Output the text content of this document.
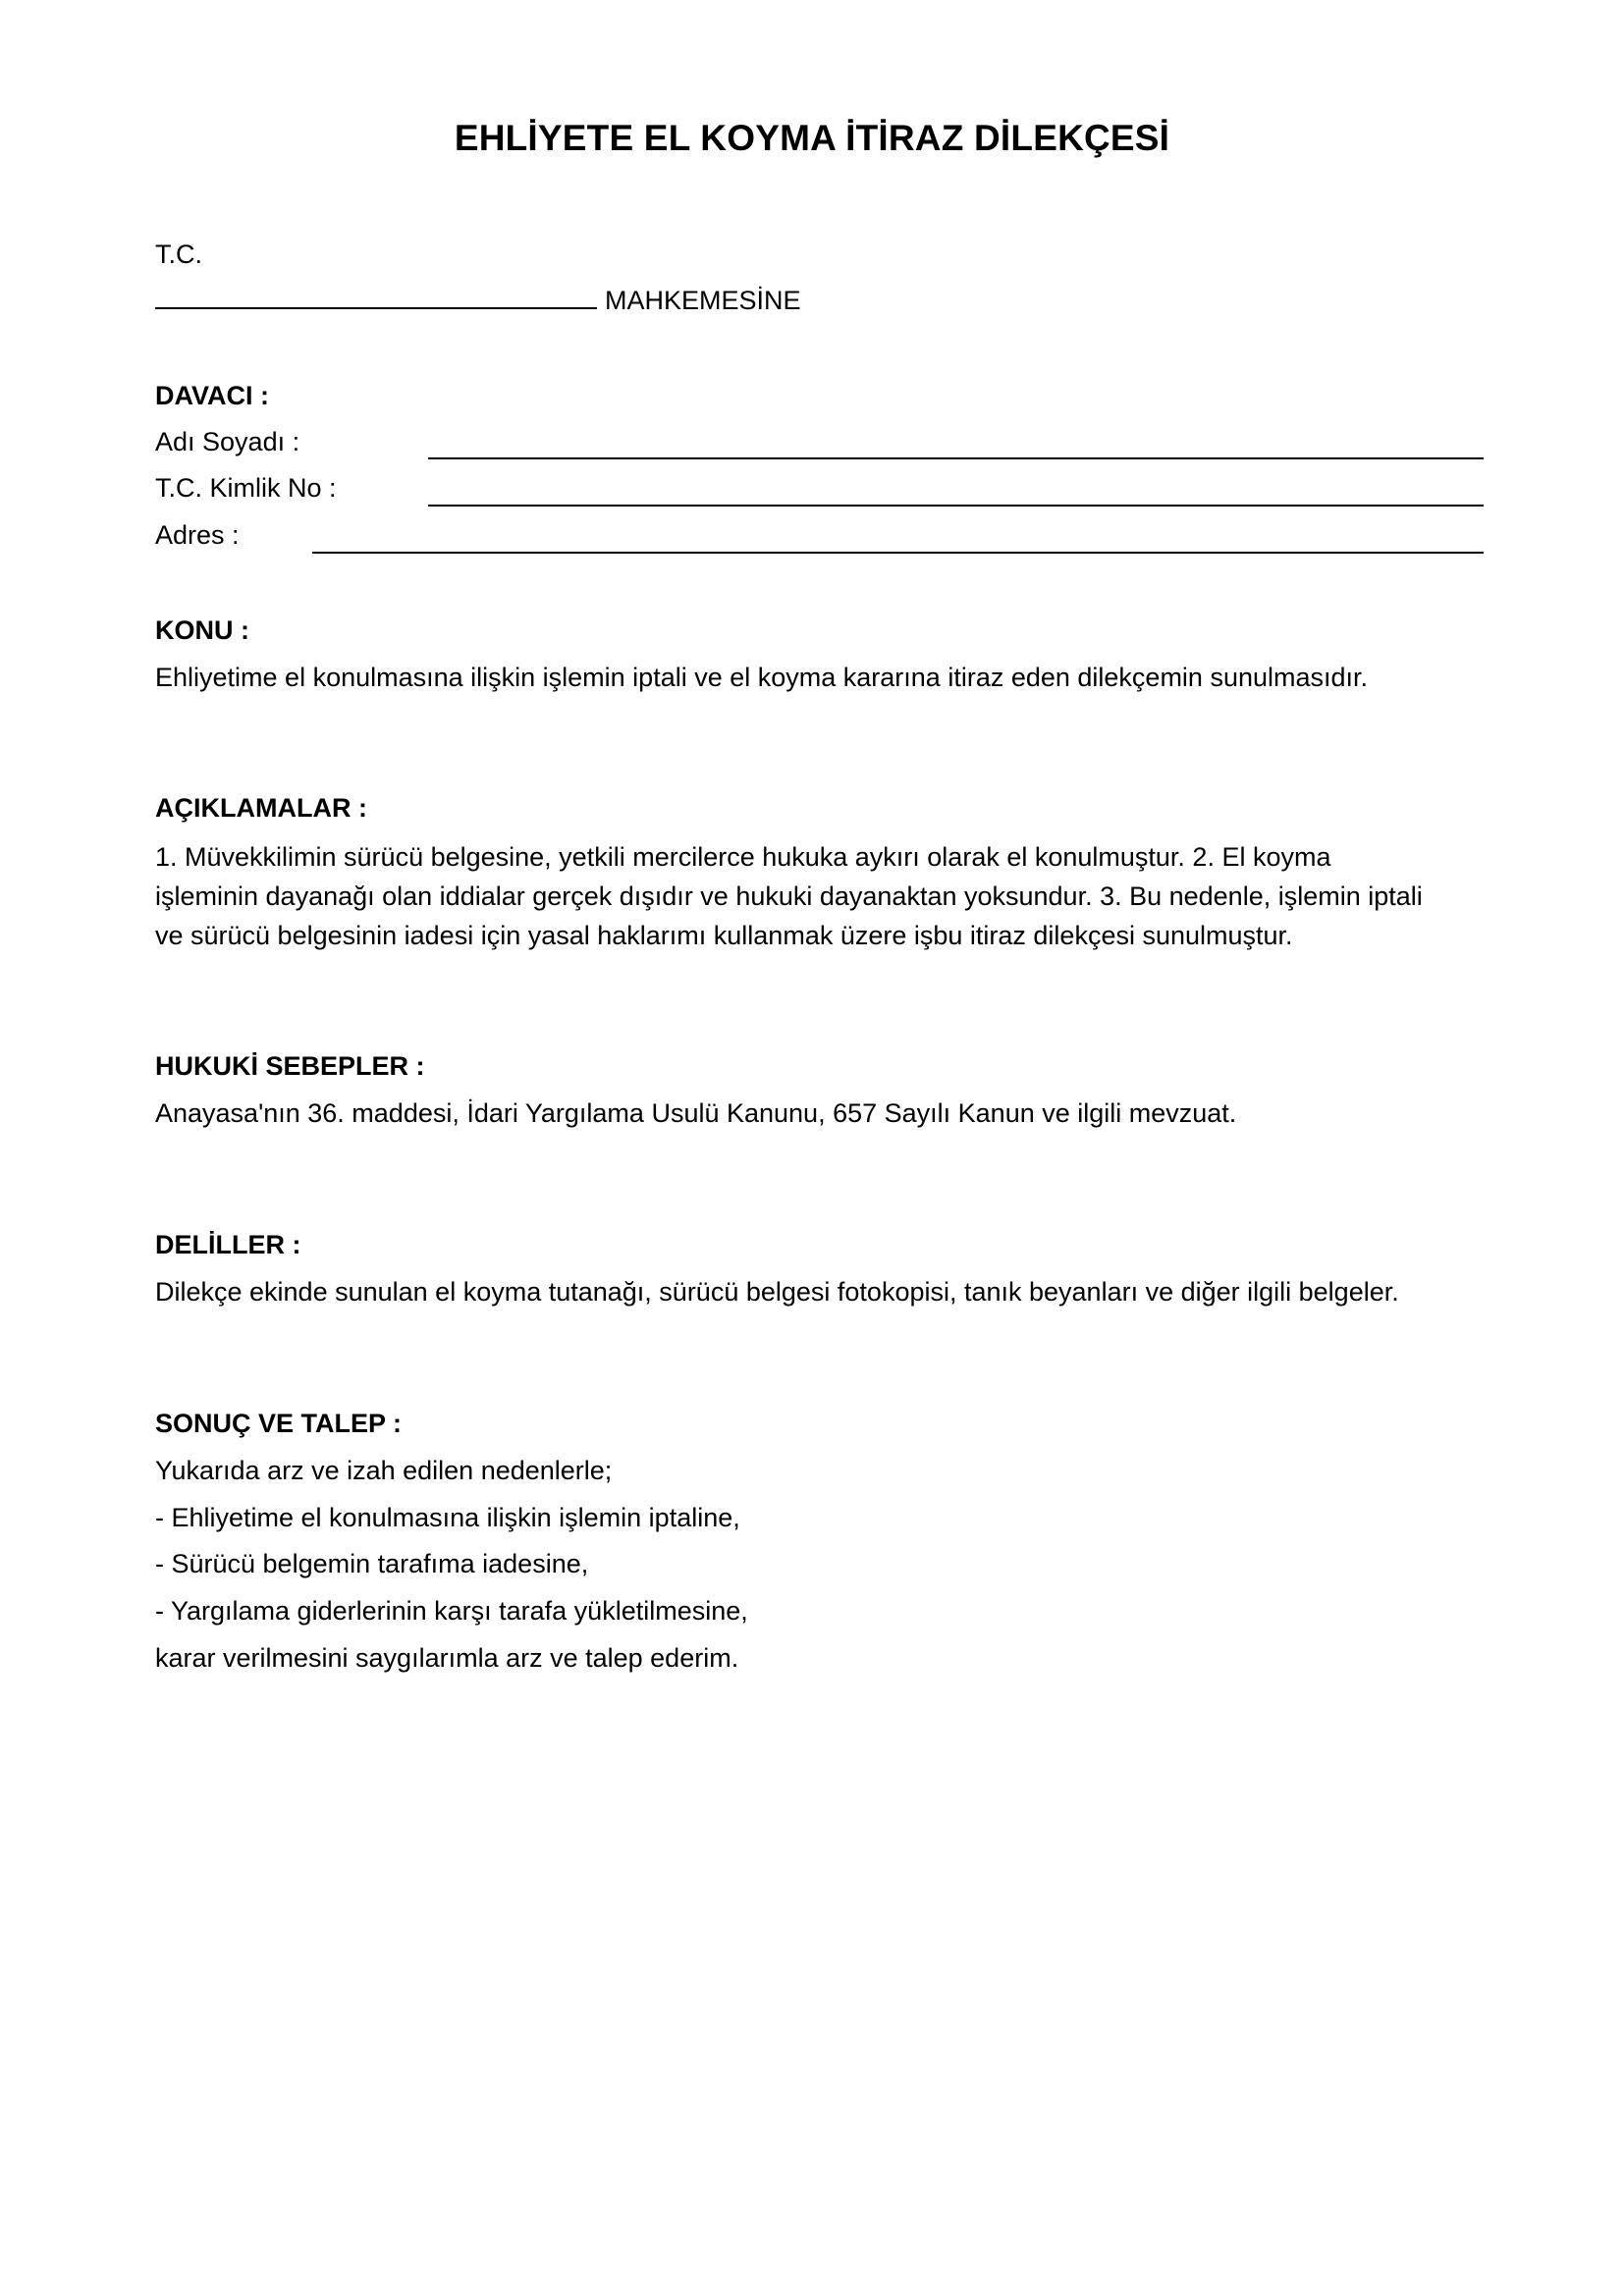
EHLİYETE EL KOYMA İTİRAZ DİLEKÇESİ
T.C.
MAHKEMESİNE
DAVACI :
Adı Soyadı :
T.C. Kimlik No :
Adres :
KONU :
Ehliyetime el konulmasına ilişkin işlemin iptali ve el koyma kararına itiraz eden dilekçemin sunulmasıdır.
AÇIKLAMALAR :
1. Müvekkilimin sürücü belgesine, yetkili mercilerce hukuka aykırı olarak el konulmuştur. 2. El koyma
işleminin dayanağı olan iddialar gerçek dışıdır ve hukuki dayanaktan yoksundur. 3. Bu nedenle, işlemin iptali
ve sürücü belgesinin iadesi için yasal haklarımı kullanmak üzere işbu itiraz dilekçesi sunulmuştur.
HUKUKİ SEBEPLER :
Anayasa'nın 36. maddesi, İdari Yargılama Usulü Kanunu, 657 Sayılı Kanun ve ilgili mevzuat.
DELİLLER :
Dilekçe ekinde sunulan el koyma tutanağı, sürücü belgesi fotokopisi, tanık beyanları ve diğer ilgili belgeler.
SONUÇ VE TALEP :
Yukarıda arz ve izah edilen nedenlerle;
- Ehliyetime el konulmasına ilişkin işlemin iptaline,
- Sürücü belgemin tarafıma iadesine,
- Yargılama giderlerinin karşı tarafa yükletilmesine,
karar verilmesini saygılarımla arz ve talep ederim.
